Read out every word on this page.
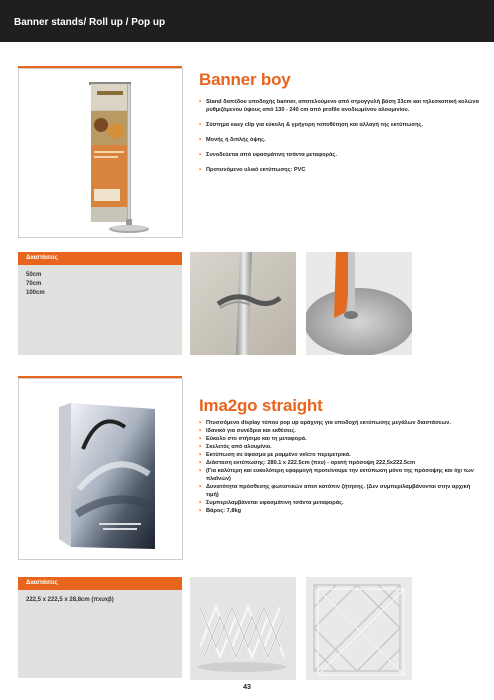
Banner stands/ Roll up / Pop up
Banner boy
▪ Stand δαπέδου υποδοχής banner, αποτελούμενο από στρογγυλή βάση 33cm και τηλεσκοπική κολώνα ρυθμιζόμενου ύψους από 130 - 240 cm από profile ανοδιωμένου αλουμινίου.
▪ Σύστημα easy clip για εύκολη & γρήγορη τοποθέτηση και αλλαγή της εκτύπωσης.
▪ Μονής ή διπλής όψης.
▪ Συνοδεύεται από υφασμάτινη τσάντα μεταφοράς.
▪ Προτεινόμενο υλικό εκτύπωσης: PVC
Διαστάσεις
50cm
70cm
100cm
Ima2go straight
▪ Πτυσσόμενο display τύπου pop up αράχνης για υποδοχή εκτύπωσης μεγάλων διαστάσεων.
▪ Ιδανικό για συνέδρια και εκθέσεις.
▪ Εύκολο στο στήσιμο και τη μεταφορά.
▪ Σκελετός από αλουμίνιο.
▪ Εκτύπωση σε ύφασμα με ραμμένο velcro περιμετρικά.
▪ Διάσταση εκτύπωσης: 280.1 x 222.5cm (πxυ) - ορατή πρόσοψη 222,5x222.5cm
▪ (Για καλύτερη και ευκολότερη εφαρμογή προτείνουμε την εκτύπωση μόνο της πρόσοψης και όχι των πλαϊνών)
▪ Δυνατότητα πρόσθεσης φωτιστικών αποτ κατόπιν ζήτησης. (Δεν συμπεριλαμβάνονται στην αρχική τιμή)
▪ Συμπεριλαμβάνεται υφασμάτινη τσάντα μεταφοράς.
▪ Βάρος: 7,8kg
Διαστάσεις
222,5 x 222,5 x 28,8cm (πxυxβ)
43
